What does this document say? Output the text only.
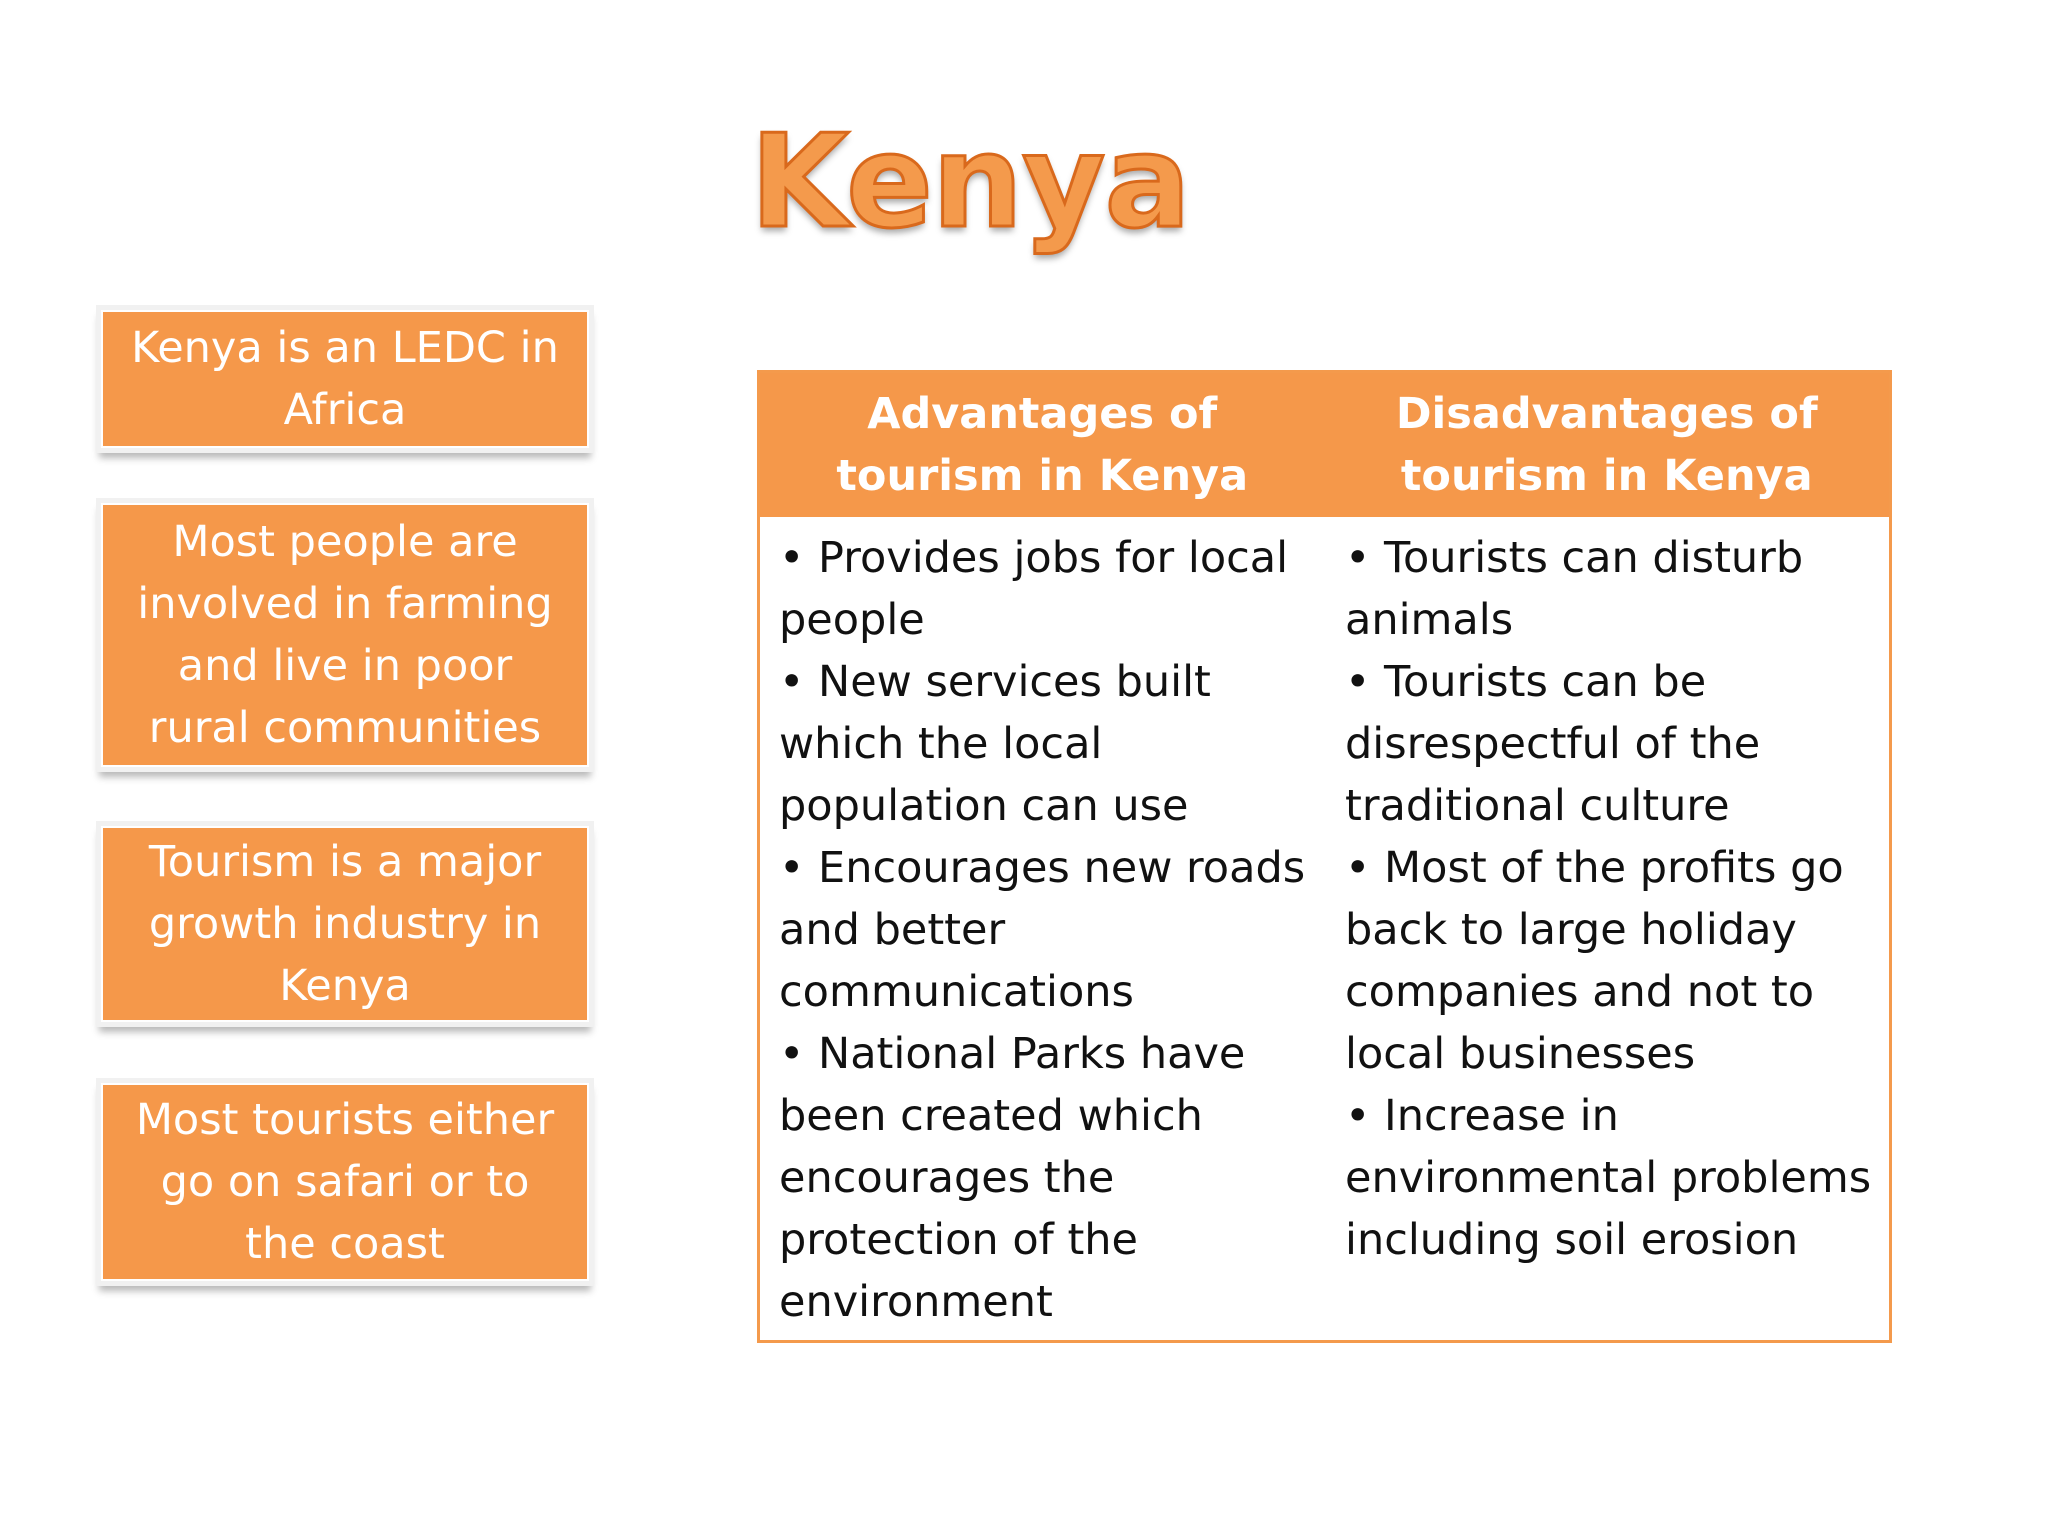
Kenya
Kenya is an LEDC in Africa
Most people are involved in farming and live in poor rural communities
Tourism is a major growth industry in Kenya
Most tourists either go on safari or to the coast
Advantages of tourism in Kenya
Disadvantages of tourism in Kenya
• Provides jobs for local people
• New services built which the local population can use
• Encourages new roads and better communications
• National Parks have been created which encourages the protection of the environment
• Tourists can disturb animals
• Tourists can be disrespectful of the traditional culture
• Most of the profits go back to large holiday companies and not to local businesses
• Increase in environmental problems including soil erosion
